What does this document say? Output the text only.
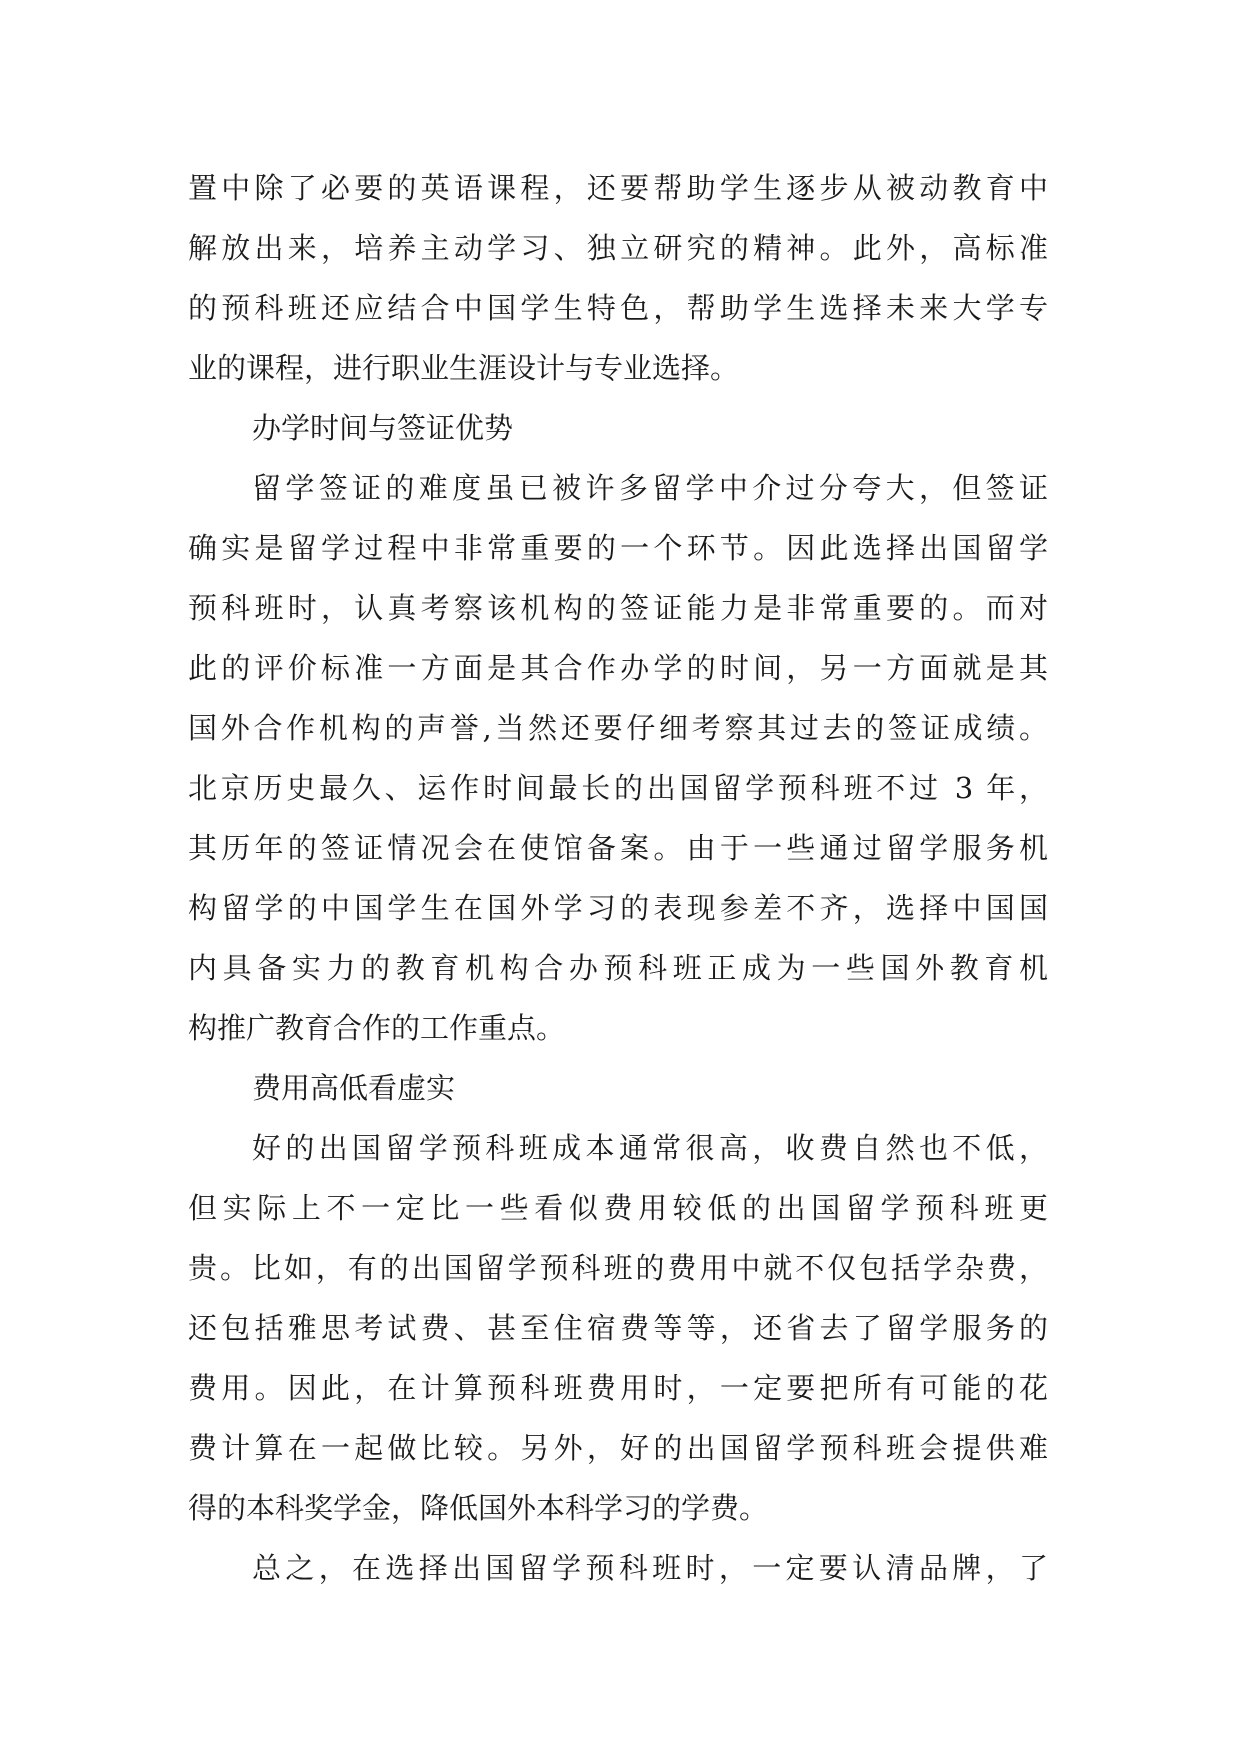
置中除了必要的英语课程，还要帮助学生逐步从被动教育中
解放出来，培养主动学习、独立研究的精神。此外，高标准
的预科班还应结合中国学生特色，帮助学生选择未来大学专
业的课程，进行职业生涯设计与专业选择。
办学时间与签证优势
留学签证的难度虽已被许多留学中介过分夸大，但签证
确实是留学过程中非常重要的一个环节。因此选择出国留学
预科班时，认真考察该机构的签证能力是非常重要的。而对
此的评价标准一方面是其合作办学的时间，另一方面就是其
国外合作机构的声誉,当然还要仔细考察其过去的签证成绩。
北京历史最久、运作时间最长的出国留学预科班不过 3 年，
其历年的签证情况会在使馆备案。由于一些通过留学服务机
构留学的中国学生在国外学习的表现参差不齐，选择中国国
内具备实力的教育机构合办预科班正成为一些国外教育机
构推广教育合作的工作重点。
费用高低看虚实
好的出国留学预科班成本通常很高，收费自然也不低，
但实际上不一定比一些看似费用较低的出国留学预科班更
贵。比如，有的出国留学预科班的费用中就不仅包括学杂费，
还包括雅思考试费、甚至住宿费等等，还省去了留学服务的
费用。因此，在计算预科班费用时，一定要把所有可能的花
费计算在一起做比较。另外，好的出国留学预科班会提供难
得的本科奖学金，降低国外本科学习的学费。
总之，在选择出国留学预科班时，一定要认清品牌，了
